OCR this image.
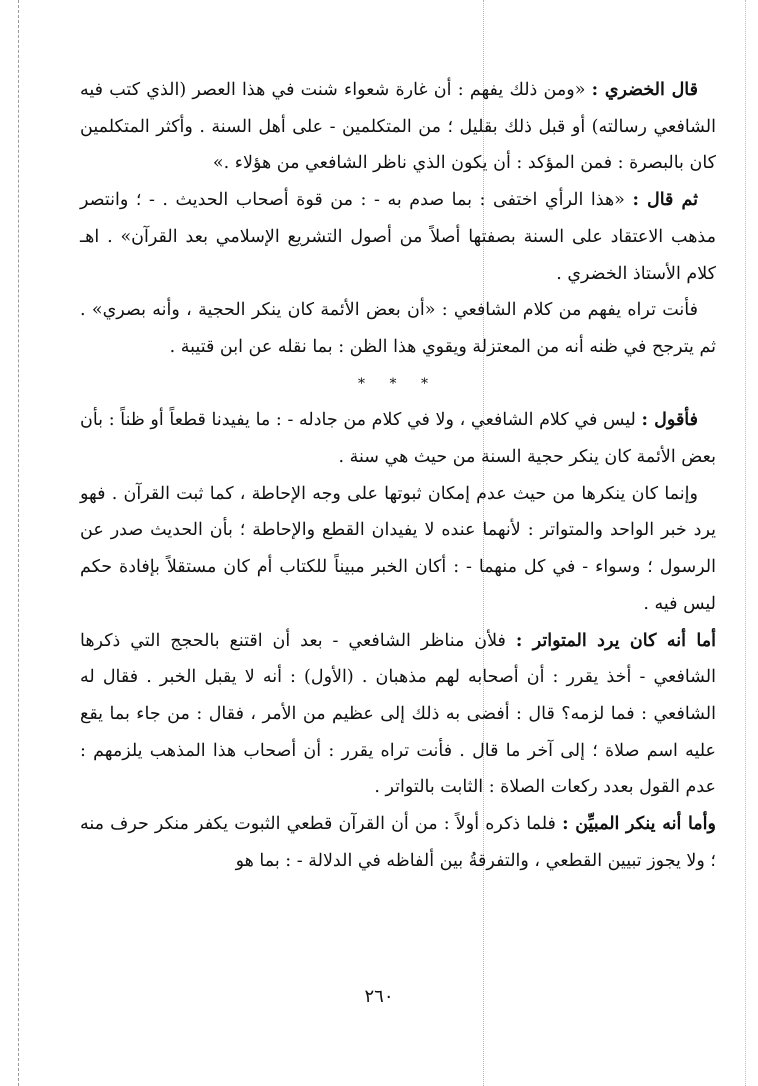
قال الخضري : «ومن ذلك يفهم : أن غارة شعواء شنت في هذا العصر (الذي كتب فيه الشافعي رسالته) أو قبل ذلك بقليل ؛ من المتكلمين - على أهل السنة . وأكثر المتكلمين كان بالبصرة : فمن المؤكد : أن يكون الذي ناظر الشافعي من هؤلاء .»

ثم قال : «هذا الرأي اختفى : بما صدم به - : من قوة أصحاب الحديث . - ؛ وانتصر مذهب الاعتقاد على السنة بصفتها أصلاً من أصول التشريع الإسلامي بعد القرآن» . اهـ كلام الأستاذ الخضري .

فأنت تراه يفهم من كلام الشافعي : «أن بعض الأئمة كان ينكر الحجية ، وأنه بصري» . ثم يترجح في ظنه أنه من المعتزلة ويقوي هذا الظن : بما نقله عن ابن قتيبة .

* * *

فأقول : ليس في كلام الشافعي ، ولا في كلام من جادله - : ما يفيدنا قطعاً أو ظناً : بأن بعض الأئمة كان ينكر حجية السنة من حيث هي سنة .

وإنما كان ينكرها من حيث عدم إمكان ثبوتها على وجه الإحاطة ، كما ثبت القرآن . فهو يرد خبر الواحد والمتواتر : لأنهما عنده لا يفيدان القطع والإحاطة ؛ بأن الحديث صدر عن الرسول ؛ وسواء - في كل منهما - : أكان الخبر مبيناً للكتاب أم كان مستقلاً بإفادة حكم ليس فيه .

أما أنه كان يرد المتواتر : فلأن مناظر الشافعي - بعد أن اقتنع بالحجج التي ذكرها الشافعي - أخذ يقرر : أن أصحابه لهم مذهبان . (الأول) : أنه لا يقبل الخبر . فقال له الشافعي : فما لزمه؟ قال : أفضى به ذلك إلى عظيم من الأمر ، فقال : من جاء بما يقع عليه اسم صلاة ؛ إلى آخر ما قال . فأنت تراه يقرر : أن أصحاب هذا المذهب يلزمهم : عدم القول بعدد ركعات الصلاة : الثابت بالتواتر .

وأما أنه ينكر المبيِّن : فلما ذكره أولاً : من أن القرآن قطعي الثبوت يكفر منكر حرف منه ؛ ولا يجوز تبيين القطعي ، والتفرقةُ بين ألفاظه في الدلالة - : بما هو

٢٦٠
